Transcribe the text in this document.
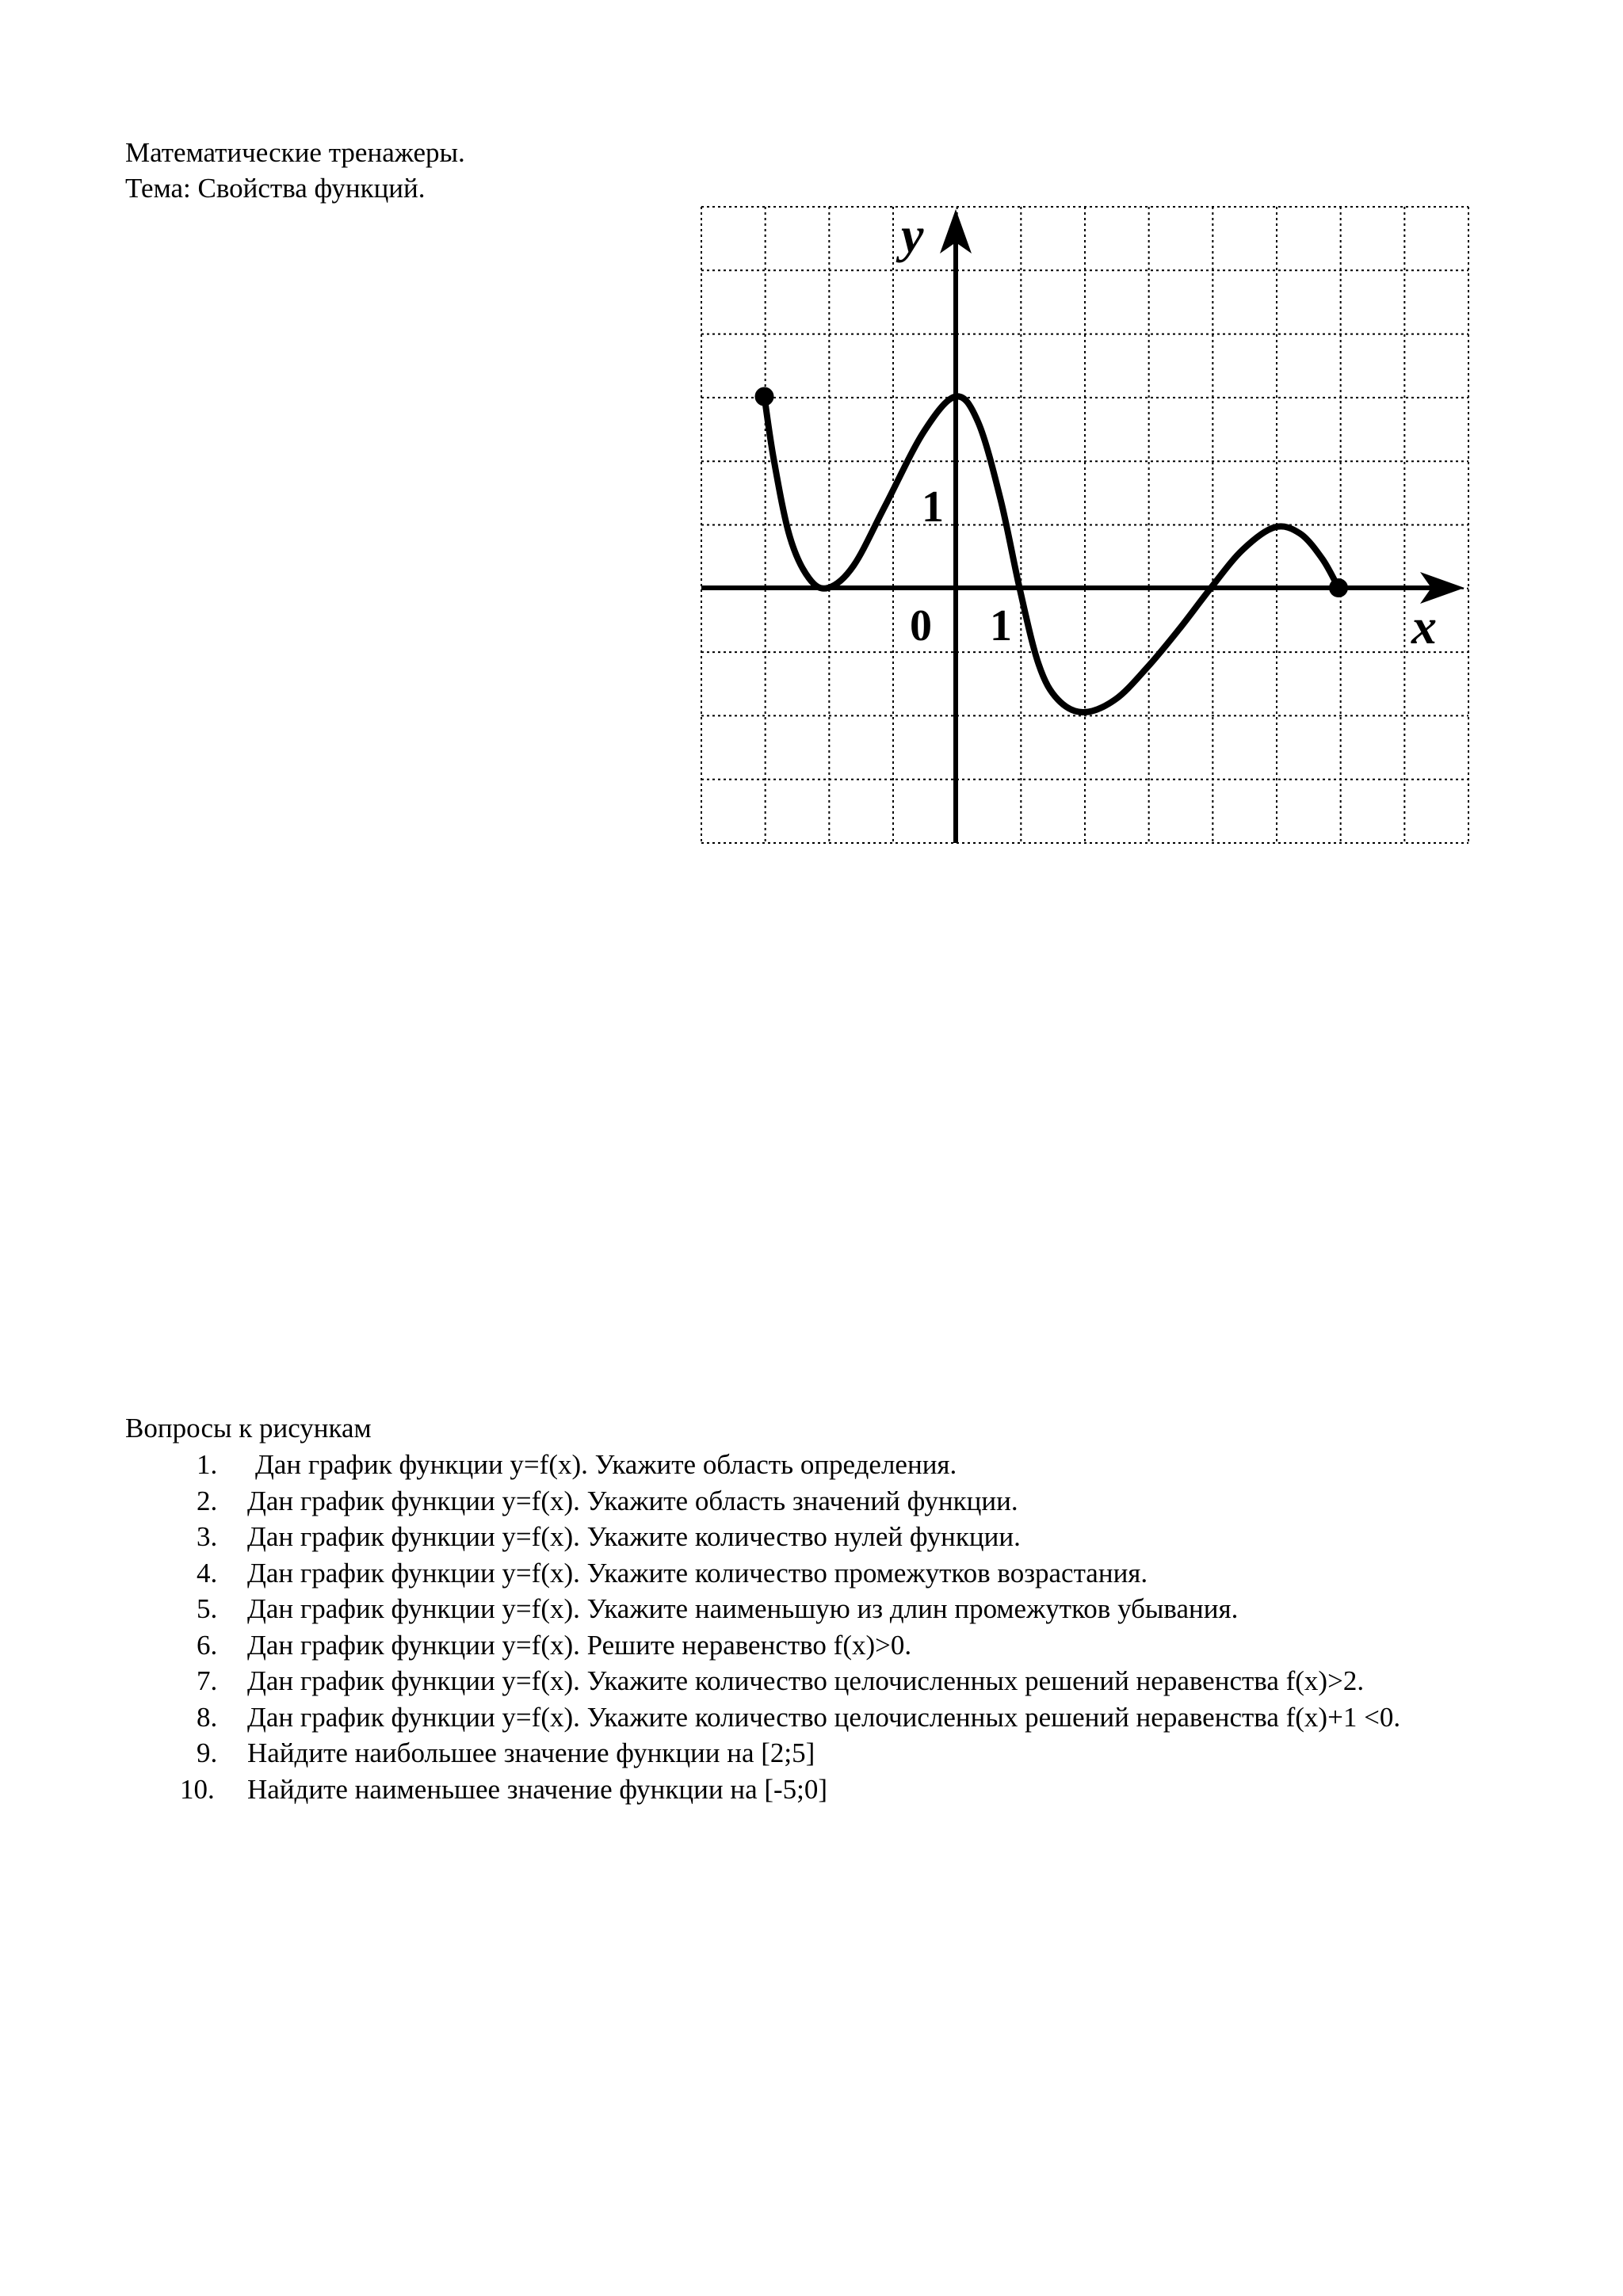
Математические тренажеры.
Тема: Свойства функций.
y
x
0 1
1
Вопросы к рисункам
1.	Дан график функции y=f(x). Укажите область определения.
2.	Дан график функции y=f(x). Укажите область значений функции.
3.	Дан график функции y=f(x). Укажите количество нулей функции.
4.	Дан график функции y=f(x). Укажите количество промежутков возрастания.
5.	Дан график функции y=f(x). Укажите наименьшую из длин промежутков убывания.
6.	Дан график функции y=f(x). Решите неравенство f(x)>0.
7.	Дан график функции y=f(x). Укажите количество целочисленных решений неравенства f(x)>2.
8.	Дан график функции y=f(x). Укажите количество целочисленных решений неравенства f(x)+1 <0.
9.	Найдите наибольшее значение функции на [2;5]
10.	Найдите наименьшее значение функции на [-5;0]
